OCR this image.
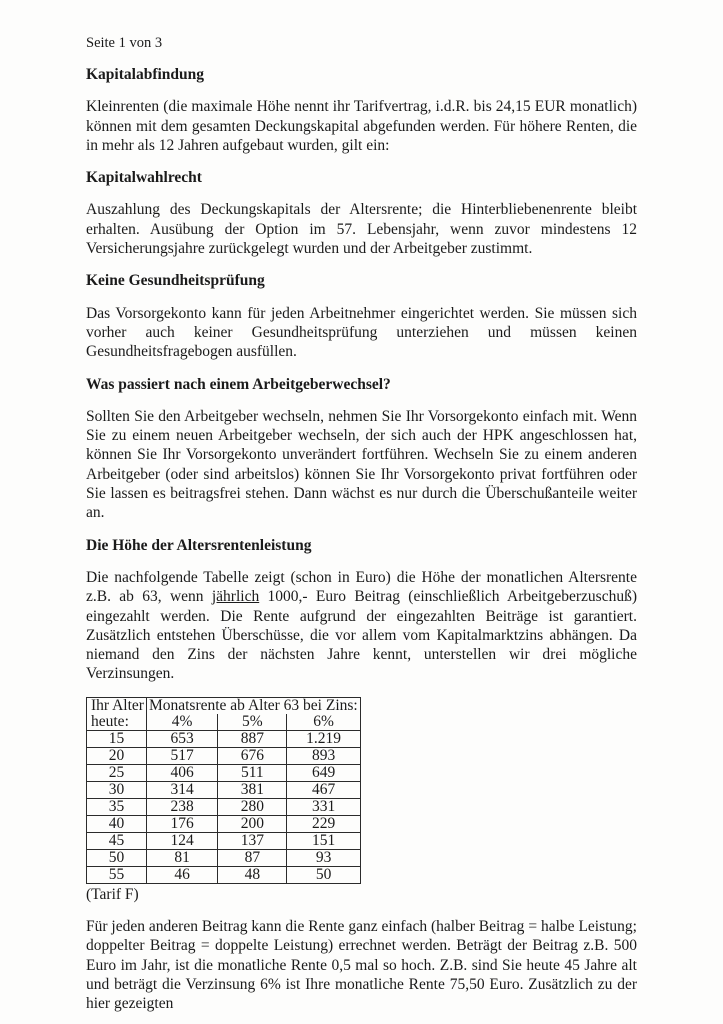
Seite 1 von 3
Kapitalabfindung

Kleinrenten (die maximale Höhe nennt ihr Tarifvertrag, i.d.R. bis 24,15 EUR monatlich) können mit dem gesamten Deckungskapital abgefunden werden. Für höhere Renten, die in mehr als 12 Jahren aufgebaut wurden, gilt ein:

Kapitalwahlrecht

Auszahlung des Deckungskapitals der Altersrente; die Hinterbliebenenrente bleibt erhalten. Ausübung der Option im 57. Lebensjahr, wenn zuvor mindestens 12 Versicherungsjahre zurückgelegt wurden und der Arbeitgeber zustimmt.

Keine Gesundheitsprüfung

Das Vorsorgekonto kann für jeden Arbeitnehmer eingerichtet werden. Sie müssen sich vorher auch keiner Gesundheitsprüfung unterziehen und müssen keinen Gesundheitsfragebogen ausfüllen.

Was passiert nach einem Arbeitgeberwechsel?

Sollten Sie den Arbeitgeber wechseln, nehmen Sie Ihr Vorsorgekonto einfach mit. Wenn Sie zu einem neuen Arbeitgeber wechseln, der sich auch der HPK angeschlossen hat, können Sie Ihr Vorsorgekonto unverändert fortführen. Wechseln Sie zu einem anderen Arbeitgeber (oder sind arbeitslos) können Sie Ihr Vorsorgekonto privat fortführen oder Sie lassen es beitragsfrei stehen. Dann wächst es nur durch die Überschußanteile weiter an.

Die Höhe der Altersrentenleistung

Die nachfolgende Tabelle zeigt (schon in Euro) die Höhe der monatlichen Altersrente z.B. ab 63, wenn jährlich 1000,- Euro Beitrag (einschließlich Arbeitgeberzuschuß) eingezahlt werden. Die Rente aufgrund der eingezahlten Beiträge ist garantiert. Zusätzlich entstehen Überschüsse, die vor allem vom Kapitalmarktzins abhängen. Da niemand den Zins der nächsten Jahre kennt, unterstellen wir drei mögliche Verzinsungen.

Ihr Alter
heute:	Monatsrente ab Alter 63 bei Zins:		
	4%	5%	6%
15	653	887	1.219
20	517	676	893
25	406	511	649
30	314	381	467
35	238	280	331
40	176	200	229
45	124	137	151
50	81	87	93
55	46	48	50
(Tarif F)

Für jeden anderen Beitrag kann die Rente ganz einfach (halber Beitrag = halbe Leistung; doppelter Beitrag = doppelte Leistung) errechnet werden. Beträgt der Beitrag z.B. 500 Euro im Jahr, ist die monatliche Rente 0,5 mal so hoch. Z.B. sind Sie heute 45 Jahre alt und beträgt die Verzinsung 6% ist Ihre monatliche Rente 75,50 Euro. Zusätzlich zu der hier gezeigten
